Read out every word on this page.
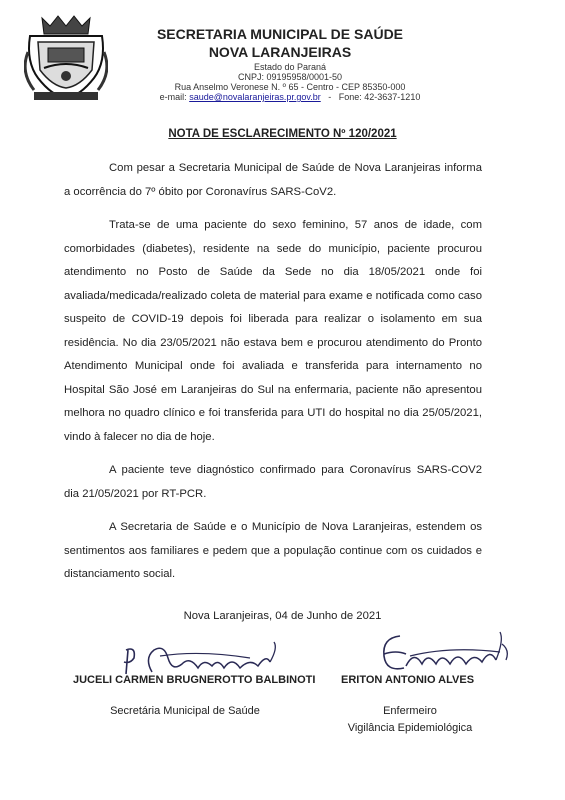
SECRETARIA MUNICIPAL DE SAÚDE
NOVA LARANJEIRAS
Estado do Paraná
CNPJ: 09195958/0001-50
Rua Anselmo Veronese N. º 65 - Centro - CEP 85350-000
e-mail: saude@novalaranjeiras.pr.gov.br - Fone: 42-3637-1210
NOTA DE ESCLARECIMENTO Nº 120/2021

Com pesar a Secretaria Municipal de Saúde de Nova Laranjeiras informa a ocorrência do 7º óbito por Coronavírus SARS-CoV2.

Trata-se de uma paciente do sexo feminino, 57 anos de idade, com comorbidades (diabetes), residente na sede do município, paciente procurou atendimento no Posto de Saúde da Sede no dia 18/05/2021 onde foi avaliada/medicada/realizado coleta de material para exame e notificada como caso suspeito de COVID-19 depois foi liberada para realizar o isolamento em sua residência. No dia 23/05/2021 não estava bem e procurou atendimento do Pronto Atendimento Municipal onde foi avaliada e transferida para internamento no Hospital São José em Laranjeiras do Sul na enfermaria, paciente não apresentou melhora no quadro clínico e foi transferida para UTI do hospital no dia 25/05/2021, vindo à falecer no dia de hoje.

A paciente teve diagnóstico confirmado para Coronavírus SARS-COV2 dia 21/05/2021 por RT-PCR.

A Secretaria de Saúde e o Município de Nova Laranjeiras, estendem os sentimentos aos familiares e pedem que a população continue com os cuidados e distanciamento social.

Nova Laranjeiras, 04 de Junho de 2021
JUCELI CARMEN BRUGNEROTTO BALBINOTI ERITON ANTONIO ALVES
Secretária Municipal de Saúde	Enfermeiro
Vigilância Epidemiológica
